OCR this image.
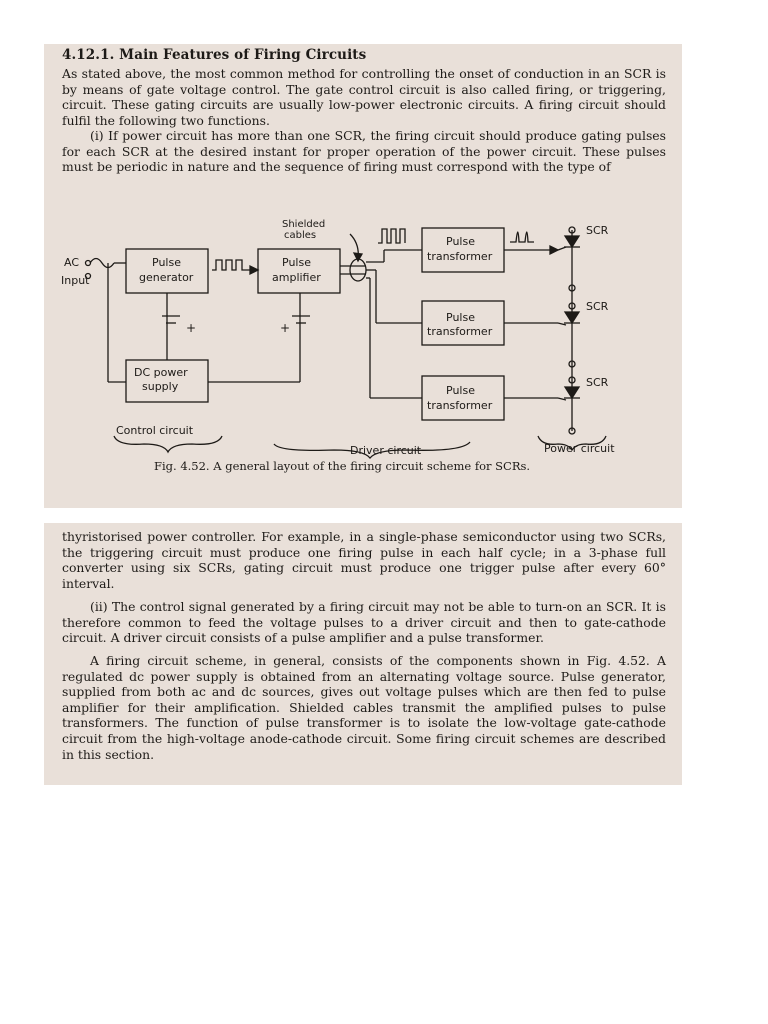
4.12.1. Main Features of Firing Circuits
As stated above, the most common method for controlling the onset of conduction in an SCR is by means of gate voltage control. The gate control circuit is also called firing, or triggering, circuit. These gating circuits are usually low-power electronic circuits. A firing circuit should fulfil the following two functions.
(i) If power circuit has more than one SCR, the firing circuit should produce gating pulses for each SCR at the desired instant for proper operation of the power circuit. These pulses must be periodic in nature and the sequence of firing must correspond with the type of
Shielded
cables
AC
Input
Pulse
generator
Pulse
amplifier
Pulse
transformer
Pulse
transformer
Pulse
transformer
DC power
supply
SCR
SCR
SCR
+	+
Control circuit
Driver circuit	Power circuit
Fig. 4.52. A general layout of the firing circuit scheme for SCRs.
thyristorised power controller. For example, in a single-phase semiconductor using two SCRs, the triggering circuit must produce one firing pulse in each half cycle; in a 3-phase full converter using six SCRs, gating circuit must produce one trigger pulse after every 60° interval.
(ii) The control signal generated by a firing circuit may not be able to turn-on an SCR. It is therefore common to feed the voltage pulses to a driver circuit and then to gate-cathode circuit. A driver circuit consists of a pulse amplifier and a pulse transformer.
A firing circuit scheme, in general, consists of the components shown in Fig. 4.52. A regulated dc power supply is obtained from an alternating voltage source. Pulse generator, supplied from both ac and dc sources, gives out voltage pulses which are then fed to pulse amplifier for their amplification. Shielded cables transmit the amplified pulses to pulse transformers. The function of pulse transformer is to isolate the low-voltage gate-cathode circuit from the high-voltage anode-cathode circuit. Some firing circuit schemes are described in this section.
